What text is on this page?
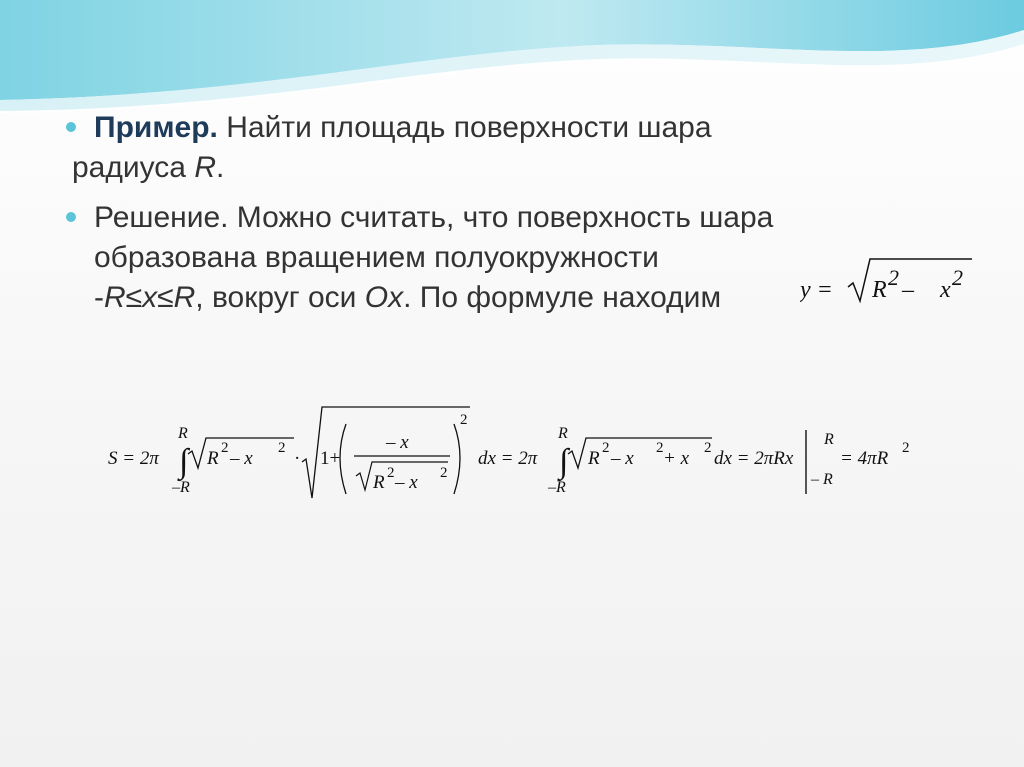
Пример. Найти площадь поверхности шара
радиуса R.
Решение. Можно считать, что поверхность шара
образована вращением полуокружности
-R≤x≤R, вокруг оси Ox. По формуле находим	y = R 2 – x 2
S = 2π
R
∫
–R
R 2 – x 2 · 1+
– x
R 2 – x 2
2
dx = 2π
R
∫
–R
R 2 – x 2 + x 2 dx = 2πRx
R
– R
= 4πR 2
